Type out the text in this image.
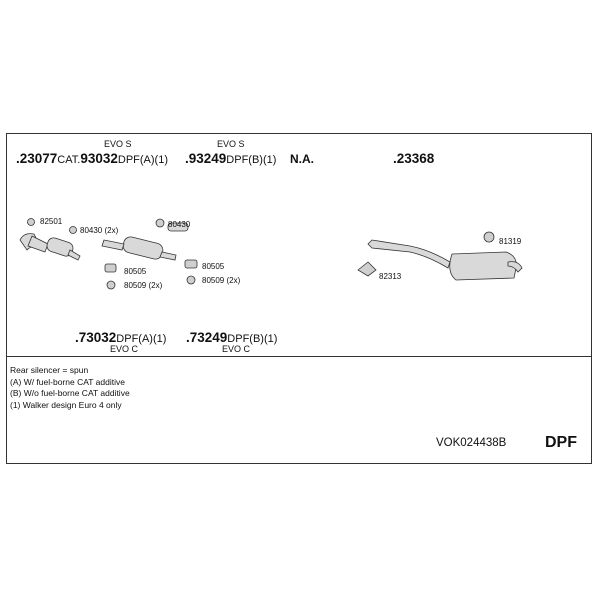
EVO S	EVO S
.23077CAT.93032DPF(A)(1) .93249DPF(B)(1) N.A.	.23368
.73032DPF(A)(1)
EVO C
.73249DPF(B)(1)
EVO C
82501
80430 (2x)
80430
80505
80509 (2x)
80505
80509 (2x)
81319
82313
Rear silencer = spun
(A) W/ fuel-borne CAT additive
(B) W/o fuel-borne CAT additive
(1) Walker design Euro 4 only
VOK024438B DPF
